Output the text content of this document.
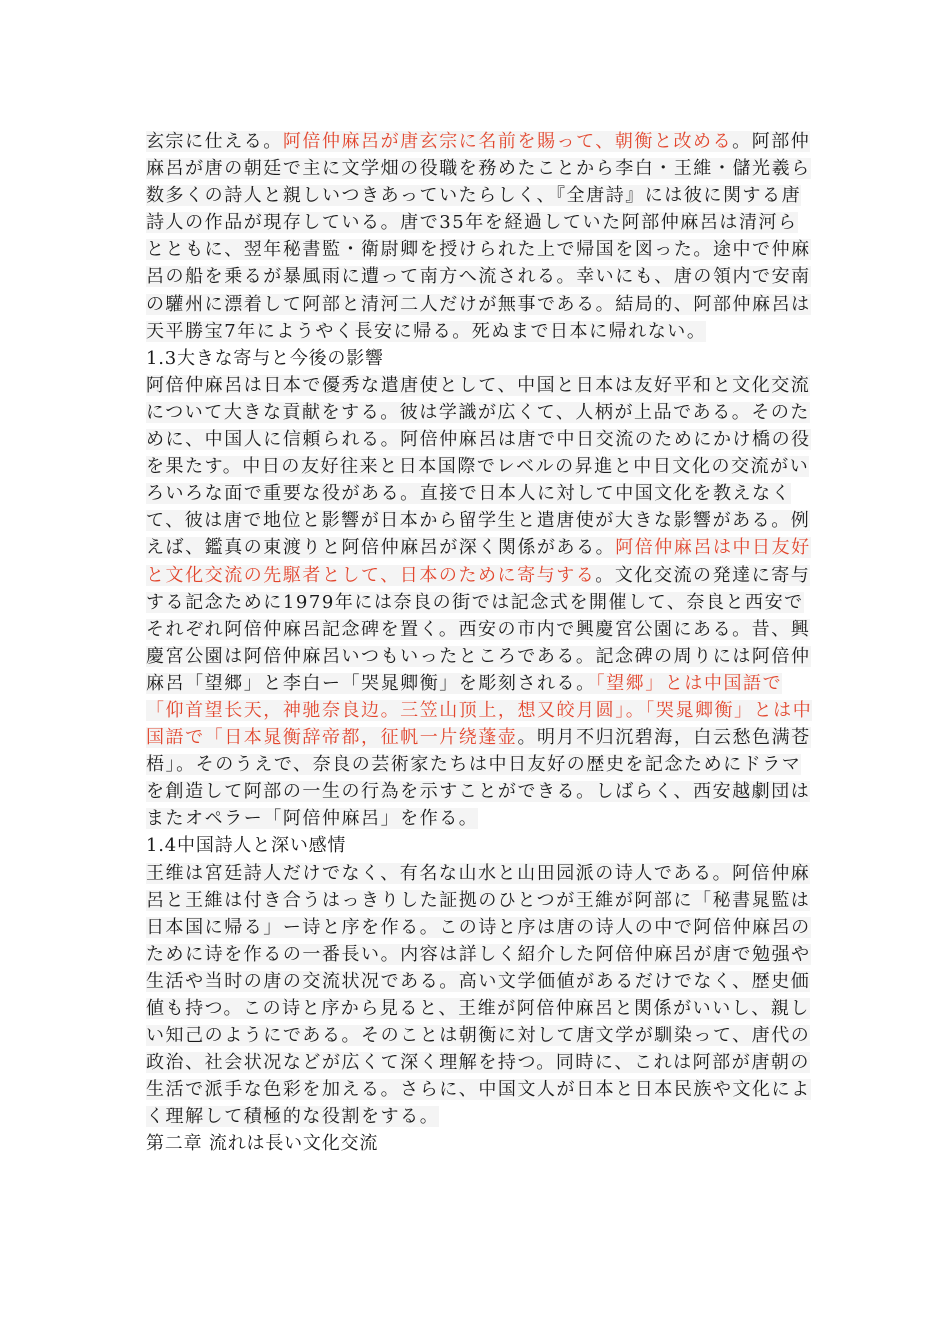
玄宗に仕える。阿倍仲麻呂が唐玄宗に名前を賜って、朝衡と改める。阿部仲麻呂が唐の朝廷で主に文学畑の役職を務めたことから李白・王維・儲光羲ら数多くの詩人と親しいつきあっていたらしく、『全唐詩』には彼に関する唐詩人の作品が現存している。唐で35年を経過していた阿部仲麻呂は清河らとともに、翌年秘書監・衛尉卿を授けられた上で帰国を図った。途中で仲麻呂の船を乗るが暴風雨に遭って南方へ流される。幸いにも、唐の領内で安南の驩州に漂着して阿部と清河二人だけが無事である。結局的、阿部仲麻呂は天平勝宝7年にようやく長安に帰る。死ぬまで日本に帰れない。

1.3大きな寄与と今後の影響

阿倍仲麻呂は日本で優秀な遣唐使として、中国と日本は友好平和と文化交流について大きな貢献をする。彼は学識が広くて、人柄が上品である。そのために、中国人に信頼られる。阿倍仲麻呂は唐で中日交流のためにかけ橋の役を果たす。中日の友好往来と日本国際でレベルの昇進と中日文化の交流がいろいろな面で重要な役がある。直接で日本人に対して中国文化を教えなくて、彼は唐で地位と影響が日本から留学生と遣唐使が大きな影響がある。例えば、鑑真の東渡りと阿倍仲麻呂が深く関係がある。阿倍仲麻呂は中日友好と文化交流の先駆者として、日本のために寄与する。文化交流の発達に寄与する記念ために1979年には奈良の街では記念式を開催して、奈良と西安でそれぞれ阿倍仲麻呂記念碑を置く。西安の市内で興慶宮公園にある。昔、興慶宮公園は阿倍仲麻呂いつもいったところである。記念碑の周りには阿倍仲麻呂「望郷」と李白ー「哭晁卿衡」を彫刻される。「望郷」とは中国語で「仰首望长天，神驰奈良边。三笠山顶上，想又皎月圆」。「哭晁卿衡」とは中国語で「日本晁衡辞帝都，征帆一片绕蓬壶。明月不归沉碧海，白云愁色满苍梧」。そのうえで、奈良の芸術家たちは中日友好の歴史を記念ためにドラマを創造して阿部の一生の行為を示すことができる。しばらく、西安越劇団はまたオペラー「阿倍仲麻呂」を作る。

1.4中国詩人と深い感情

王维は宮廷詩人だけでなく、有名な山水と山田园派の诗人である。阿倍仲麻呂と王維は付き合うはっきりした証拠のひとつが王維が阿部に「秘書晁監は日本国に帰る」ー诗と序を作る。この诗と序は唐の诗人の中で阿倍仲麻呂のために诗を作るの一番長い。内容は詳しく紹介した阿倍仲麻呂が唐で勉强や生活や当时の唐の交流状况である。高い文学価値があるだけでなく、歴史価値も持つ。この诗と序から見ると、王维が阿倍仲麻呂と関係がいいし、親しい知己のようにである。そのことは朝衡に対して唐文学が馴染って、唐代の政治、社会状况などが広くて深く理解を持つ。同時に、これは阿部が唐朝の生活で派手な色彩を加える。さらに、中国文人が日本と日本民族や文化によく理解して積極的な役割をする。

第二章 流れは長い文化交流
